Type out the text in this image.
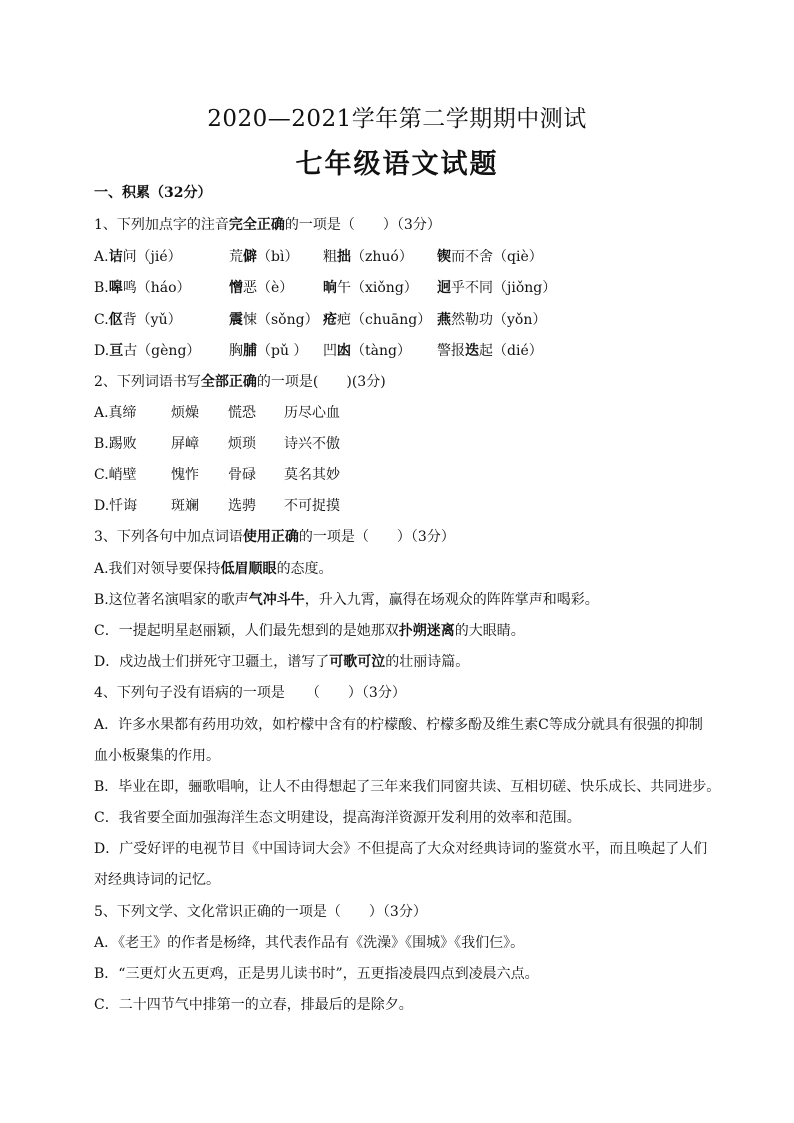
2020—2021学年第二学期期中测试
七年级语文试题
一、积累（32分）
1、下列加点字的注音完全正确的一项是（　　）（3分）
A.诘问（jié）	荒僻（bì） 粗拙（zhuó） 锲而不舍（qiè）
B.嗥鸣（háo）	憎恶（è） 晌午（xiǒng） 迥乎不同（jiǒng）
C.伛背（yǔ）	震悚（sǒng） 疮疤（chuāng） 燕然勒功（yǒn）
D.亘古（gèng） 胸脯（pǔ ） 凹凼（tàng） 警报迭起（dié）
2、下列词语书写全部正确的一项是(　　)(3分)
A.真缔 烦燥 慌恐 历尽心血
B.踢败 屏嶂 烦琐 诗兴不傲
C.峭壁 愧怍 骨碌 莫名其妙
D.忏诲 斑斓 选骋 不可捉摸
3、下列各句中加点词语使用正确的一项是（　　）（3分）
A.我们对领导要保持低眉顺眼的态度。
B.这位著名演唱家的歌声气冲斗牛，升入九霄，赢得在场观众的阵阵掌声和喝彩。
C．一提起明星赵丽颖，人们最先想到的是她那双扑朔迷离的大眼睛。
D．戍边战士们拼死守卫疆土，谱写了可歌可泣的壮丽诗篇。
4、下列句子没有语病的一项是　　（　　）（3分）
A．许多水果都有药用功效，如柠檬中含有的柠檬酸、柠檬多酚及维生素C等成分就具有很强的抑制
血小板聚集的作用。
B．毕业在即，骊歌唱响，让人不由得想起了三年来我们同窗共读、互相切磋、快乐成长、共同进步。
C．我省要全面加强海洋生态文明建设，提高海洋资源开发利用的效率和范围。
D．广受好评的电视节目《中国诗词大会》不但提高了大众对经典诗词的鉴赏水平，而且唤起了人们
对经典诗词的记忆。
5、下列文学、文化常识正确的一项是（　　）（3分）
A．《老王》的作者是杨绛，其代表作品有《洗澡》《围城》《我们仨》。
B．“三更灯火五更鸡，正是男儿读书时”，五更指凌晨四点到凌晨六点。
C．二十四节气中排第一的立春，排最后的是除夕。
